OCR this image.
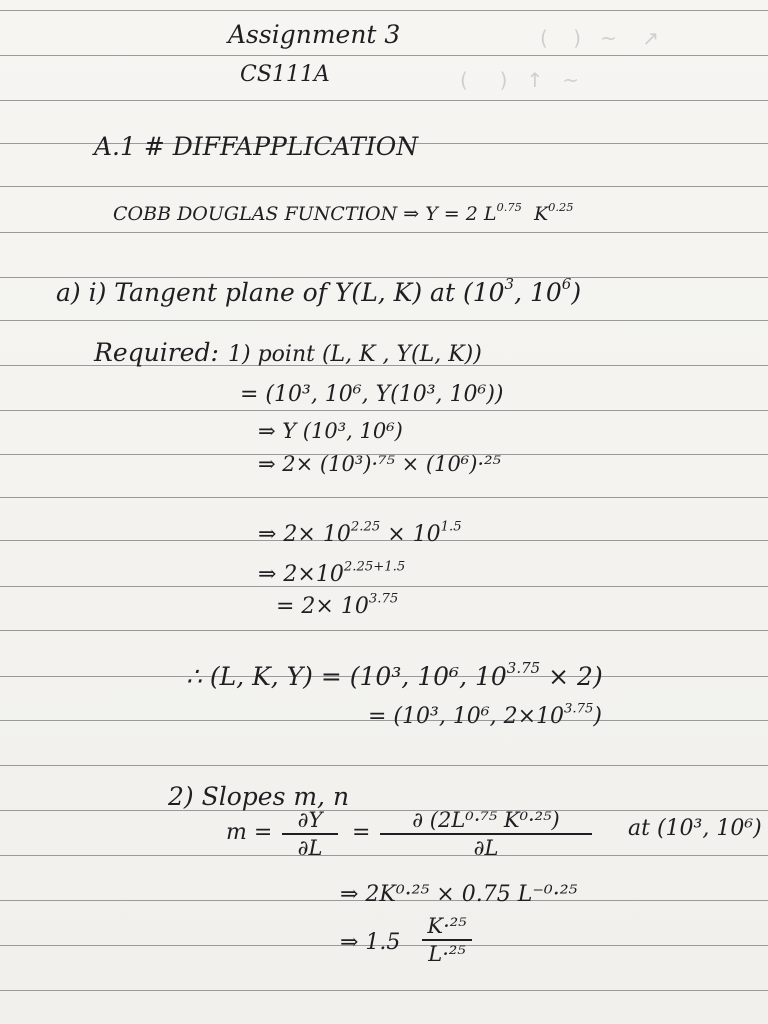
(    )   ~    ↗
(     )   ↑   ~
Assignment 3
CS111A
A.1 # DIFFAPPLICATION
COBB DOUGLAS FUNCTION ⇒ Y = 2 $L^{0.75}$ $K^{0.25}$
a) i) Tangent plane of Y(L, K) at ($10^3$, $10^6$)
Required: 1) point (L, K , Y(L, K))
= (10³, 10⁶, Y(10³, 10⁶))
⇒ Y (10³, 10⁶)
⇒ 2× (10³)·⁷⁵ × (10⁶)·²⁵
⇒ $2\times 10^{2.25} \times 10^{1.5}$
⇒ $2\times 10^{2.25+1.5}$
= $2\times 10^{3.75}$
∴ (L, K, Y) = (10³, 10⁶, $10^{3.75} \times 2$)
= (10³, 10⁶, $2\times 10^{3.75}$)
2) Slopes m, n
m =	∂Y
∂L
=	∂ (2L⁰·⁷⁵ K⁰·²⁵)
∂L
at (10³, 10⁶)
⇒ 2K⁰·²⁵ × 0.75 L⁻⁰·²⁵
⇒ 1.5
K·²⁵
L·²⁵
